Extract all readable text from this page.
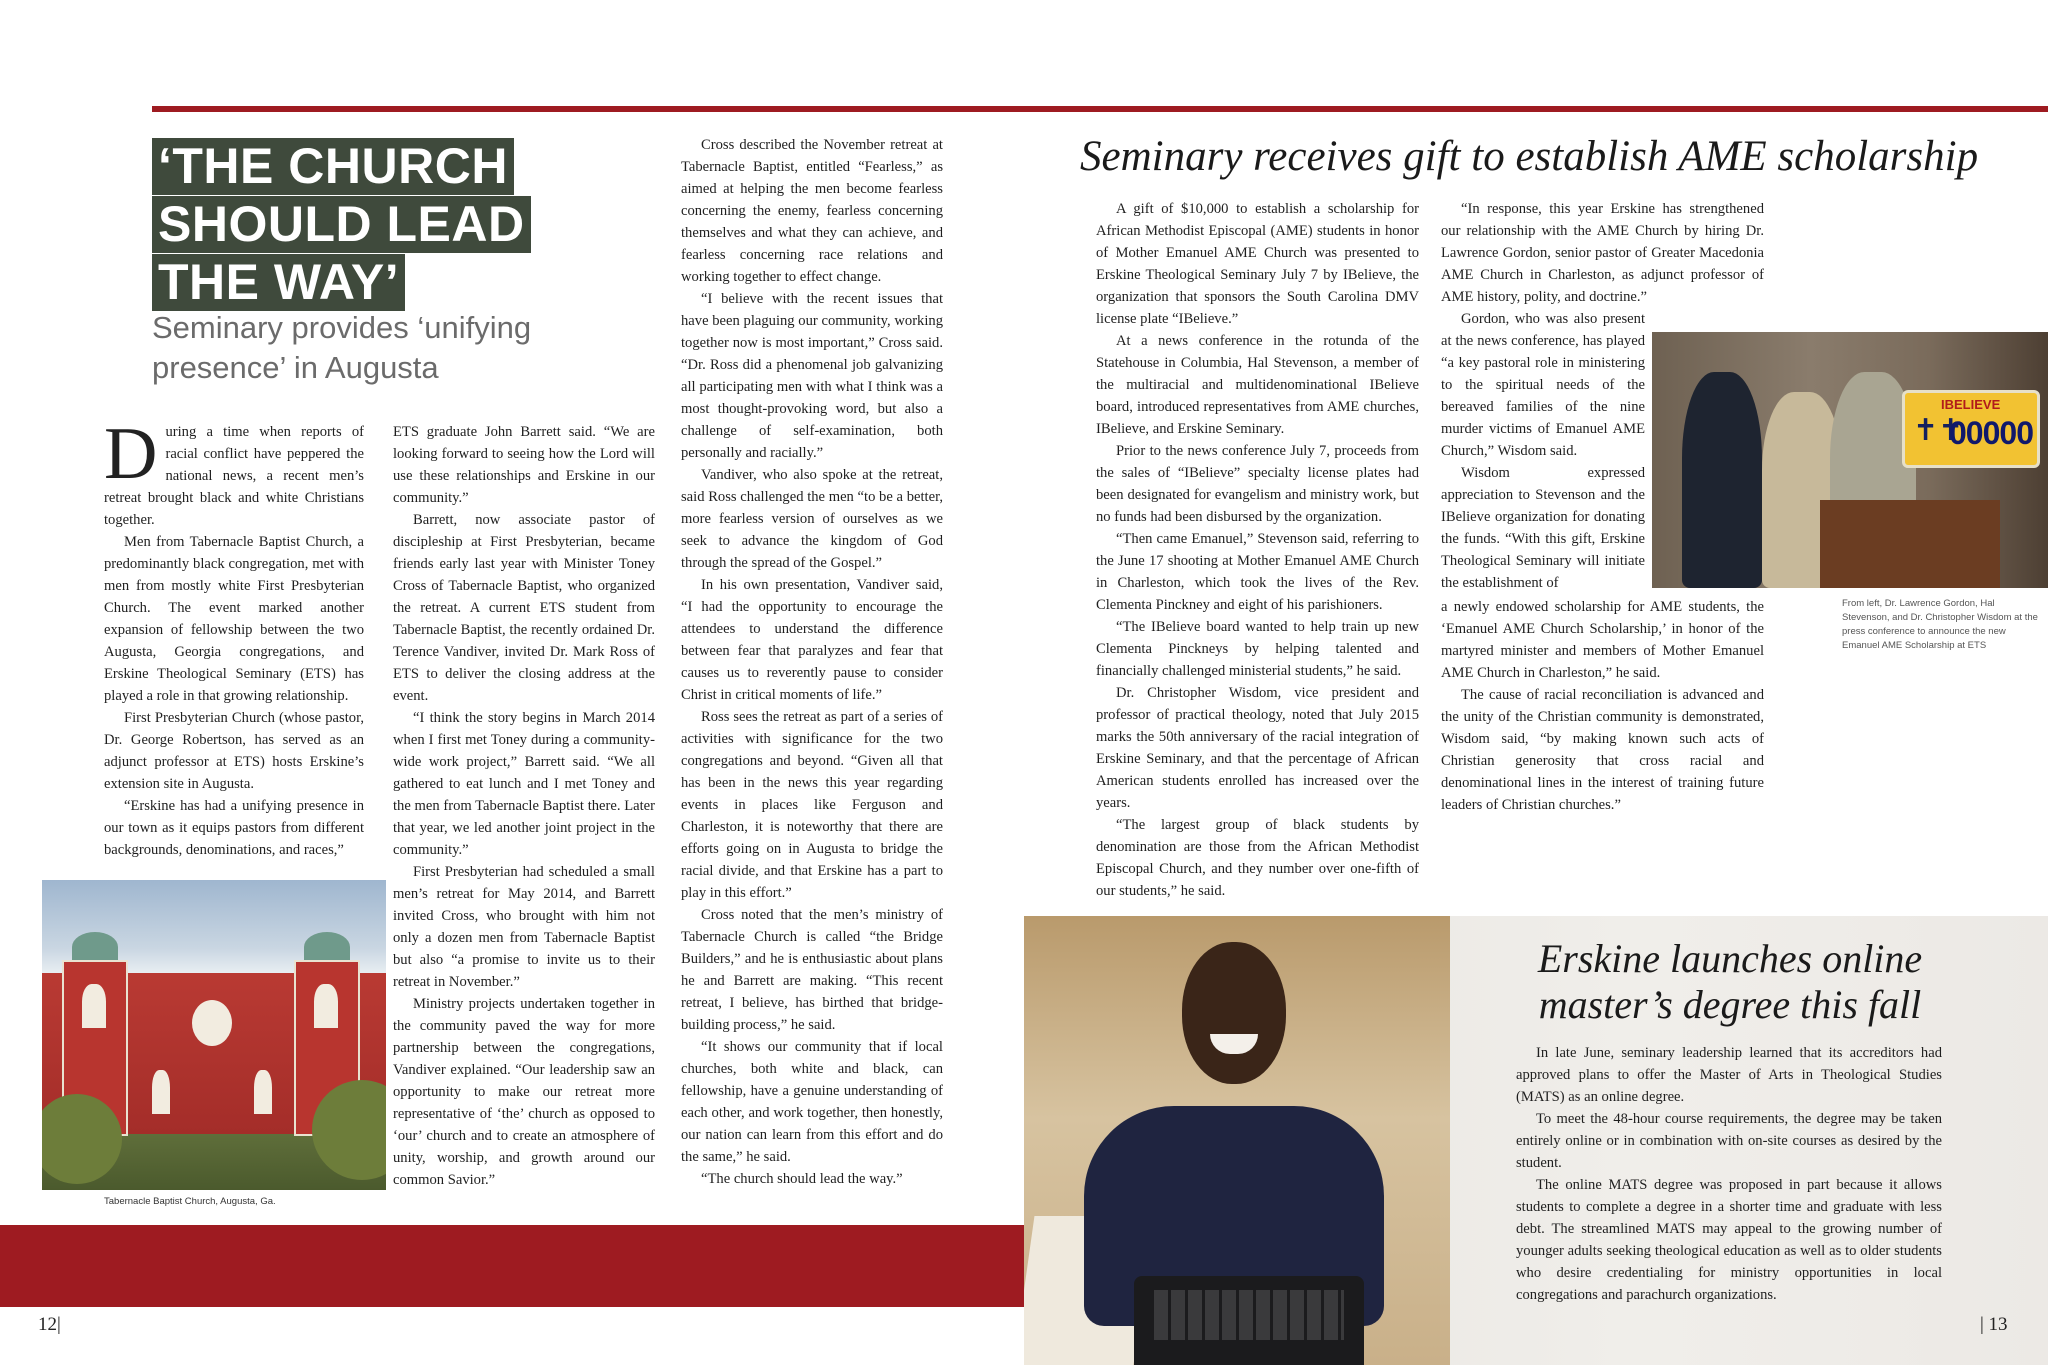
‘THE CHURCH
SHOULD LEAD
THE WAY’
Seminary provides ‘unifying presence’ in Augusta

During a time when reports of racial conflict have peppered the national news, a recent men’s retreat brought black and white Christians together.

Men from Tabernacle Baptist Church, a predominantly black congregation, met with men from mostly white First Presbyterian Church. The event marked another expansion of fellowship between the two Augusta, Georgia congregations, and Erskine Theological Seminary (ETS) has played a role in that growing relationship.

First Presbyterian Church (whose pastor, Dr. George Robertson, has served as an adjunct professor at ETS) hosts Erskine’s extension site in Augusta.

“Erskine has had a unifying presence in our town as it equips pastors from different backgrounds, denominations, and races,”

ETS graduate John Barrett said. “We are looking forward to seeing how the Lord will use these relationships and Erskine in our community.”

Barrett, now associate pastor of discipleship at First Presbyterian, became friends early last year with Minister Toney Cross of Tabernacle Baptist, who organized the retreat. A current ETS student from Tabernacle Baptist, the recently ordained Dr. Terence Vandiver, invited Dr. Mark Ross of ETS to deliver the closing address at the event.

“I think the story begins in March 2014 when I first met Toney during a community-wide work project,” Barrett said. “We all gathered to eat lunch and I met Toney and the men from Tabernacle Baptist there. Later that year, we led another joint project in the community.”

First Presbyterian had scheduled a small men’s retreat for May 2014, and Barrett invited Cross, who brought with him not only a dozen men from Tabernacle Baptist but also “a promise to invite us to their retreat in November.”

Ministry projects undertaken together in the community paved the way for more partnership between the congregations, Vandiver explained. “Our leadership saw an opportunity to make our retreat more representative of ‘the’ church as opposed to ‘our’ church and to create an atmosphere of unity, worship, and growth around our common Savior.”

Cross described the November retreat at Tabernacle Baptist, entitled “Fearless,” as aimed at helping the men become fearless concerning the enemy, fearless concerning themselves and what they can achieve, and fearless concerning race relations and working together to effect change.

“I believe with the recent issues that have been plaguing our community, working together now is most important,” Cross said. “Dr. Ross did a phenomenal job galvanizing all participating men with what I think was a most thought-provoking word, but also a challenge of self-examination, both personally and racially.”

Vandiver, who also spoke at the retreat, said Ross challenged the men “to be a better, more fearless version of ourselves as we seek to advance the kingdom of God through the spread of the Gospel.”

In his own presentation, Vandiver said, “I had the opportunity to encourage the attendees to understand the difference between fear that paralyzes and fear that causes us to reverently pause to consider Christ in critical moments of life.”

Ross sees the retreat as part of a series of activities with significance for the two congregations and beyond. “Given all that has been in the news this year regarding events in places like Ferguson and Charleston, it is noteworthy that there are efforts going on in Augusta to bridge the racial divide, and that Erskine has a part to play in this effort.”

Cross noted that the men’s ministry of Tabernacle Church is called “the Bridge Builders,” and he is enthusiastic about plans he and Barrett are making. “This recent retreat, I believe, has birthed that bridge-building process,” he said.

“It shows our community that if local churches, both white and black, can fellowship, have a genuine understanding of each other, and work together, then honestly, our nation can learn from this effort and do the same,” he said.

“The church should lead the way.”

Tabernacle Baptist Church, Augusta, Ga.
12|
Seminary receives gift to establish AME scholarship

A gift of $10,000 to establish a scholarship for African Methodist Episcopal (AME) students in honor of Mother Emanuel AME Church was presented to Erskine Theological Seminary July 7 by IBelieve, the organization that sponsors the South Carolina DMV license plate “IBelieve.”

At a news conference in the rotunda of the Statehouse in Columbia, Hal Stevenson, a member of the multiracial and multidenominational IBelieve board, introduced representatives from AME churches, IBelieve, and Erskine Seminary.

Prior to the news conference July 7, proceeds from the sales of “IBelieve” specialty license plates had been designated for evangelism and ministry work, but no funds had been disbursed by the organization.

“Then came Emanuel,” Stevenson said, referring to the June 17 shooting at Mother Emanuel AME Church in Charleston, which took the lives of the Rev. Clementa Pinckney and eight of his parishioners.

“The IBelieve board wanted to help train up new Clementa Pinckneys by helping talented and financially challenged ministerial students,” he said.

Dr. Christopher Wisdom, vice president and professor of practical theology, noted that July 2015 marks the 50th anniversary of the racial integration of Erskine Seminary, and that the percentage of African American students enrolled has increased over the years.

“The largest group of black students by denomination are those from the African Methodist Episcopal Church, and they number over one-fifth of our students,” he said.

“In response, this year Erskine has strengthened our relationship with the AME Church by hiring Dr. Lawrence Gordon, senior pastor of Greater Macedonia AME Church in Charleston, as adjunct professor of AME history, polity, and doctrine.”

Gordon, who was also present at the news conference, has played “a key pastoral role in ministering to the spiritual needs of the bereaved families of the nine murder victims of Emanuel AME Church,” Wisdom said.

Wisdom expressed appreciation to Stevenson and the IBelieve organization for donating the funds. “With this gift, Erskine Theological Seminary will initiate the establishment of

a newly endowed scholarship for AME students, the ‘Emanuel AME Church Scholarship,’ in honor of the martyred minister and members of Mother Emanuel AME Church in Charleston,” he said.

The cause of racial reconciliation is advanced and the unity of the Christian community is demonstrated, Wisdom said, “by making known such acts of Christian generosity that cross racial and denominational lines in the interest of training future leaders of Christian churches.”

✝✝
IBELIEVE
00000
From left, Dr. Lawrence Gordon, Hal Stevenson, and Dr. Christopher Wisdom at the press conference to announce the new Emanuel AME Scholarship at ETS
Erskine launches online
master’s degree this fall

In late June, seminary leadership learned that its accreditors had approved plans to offer the Master of Arts in Theological Studies (MATS) as an online degree.

To meet the 48-hour course requirements, the degree may be taken entirely online or in combination with on-site courses as desired by the student.

The online MATS degree was proposed in part because it allows students to complete a degree in a shorter time and graduate with less debt. The streamlined MATS may appeal to the growing number of younger adults seeking theological education as well as to older students who desire credentialing for ministry opportunities in local congregations and parachurch organizations.

| 13
